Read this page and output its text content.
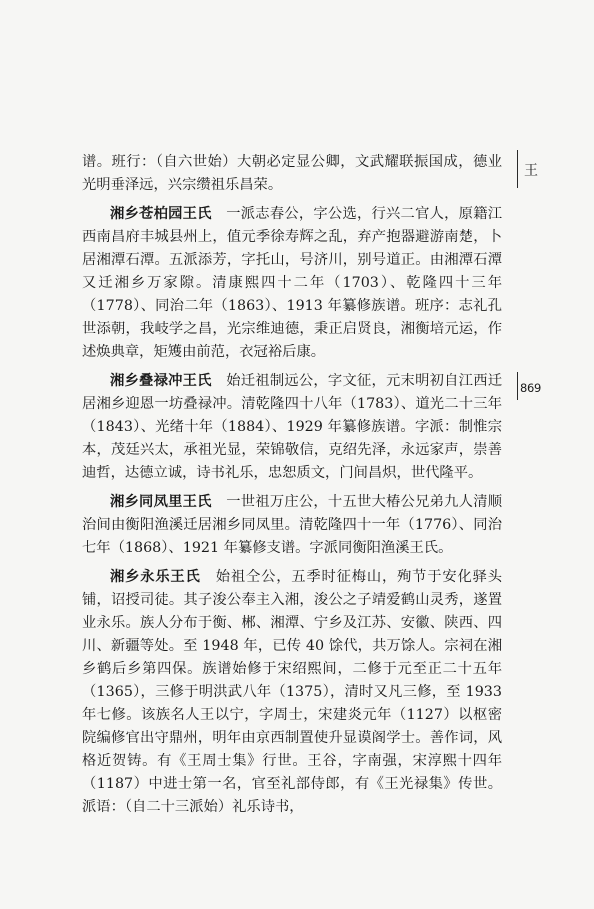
谱。班行：（自六世始）大朝必定显公卿，文武耀联振国成，德业光明垂泽远，兴宗缵祖乐昌荣。

湘乡苍柏园王氏　 一派志春公，字公选，行兴二官人，原籍江西南昌府丰城县州上，值元季徐寿辉之乱，弃产抱器避游南楚，卜居湘潭石潭。五派添芳，字托山，号济川，别号道正。由湘潭石潭又迁湘乡万家隙。清康熙四十二年（1703）、乾隆四十三年（1778）、同治二年（1863）、1913 年纂修族谱。班序：志礼孔世添朝，我岐学之昌，光宗维迪德，秉正启贤良，湘衡培元运，作述焕典章，矩矱由前范，衣冠裕后康。

湘乡叠禄冲王氏　 始迁祖制远公，字文征，元末明初自江西迁居湘乡迎恩一坊叠禄冲。清乾隆四十八年（1783）、道光二十三年（1843）、光绪十年（1884）、1929 年纂修族谱。字派：制惟宗本，茂廷兴太，承祖光显，荣锦敬信，克绍先泽，永远家声，崇善迪哲，达德立诚，诗书礼乐，忠恕质文，门间昌炽，世代隆平。

湘乡同凤里王氏　 一世祖万庄公，十五世大椿公兄弟九人清顺治间由衡阳渔溪迁居湘乡同凤里。清乾隆四十一年（1776）、同治七年（1868）、1921 年纂修支谱。字派同衡阳渔溪王氏。

湘乡永乐王氏　 始祖仝公，五季时征梅山，殉节于安化驿头铺，诏授司徒。其子浚公奉主入湘，浚公之子靖爱鹤山灵秀，遂置业永乐。族人分布于衡、郴、湘潭、宁乡及江苏、安徽、陕西、四川、新疆等处。至 1948 年，已传 40 馀代，共万馀人。宗祠在湘乡鹤后乡第四保。族谱始修于宋绍熙间，二修于元至正二十五年（1365），三修于明洪武八年（1375），清时又凡三修，至 1933 年七修。该族名人王以宁，字周士，宋建炎元年（1127）以枢密院编修官出守鼎州，明年由京西制置使升显谟阁学士。善作词，风格近贺铸。有《王周士集》行世。王谷，字南强，宋淳熙十四年（1187）中进士第一名，官至礼部侍郎，有《王光禄集》传世。派语：（自二十三派始）礼乐诗书，

王
869
